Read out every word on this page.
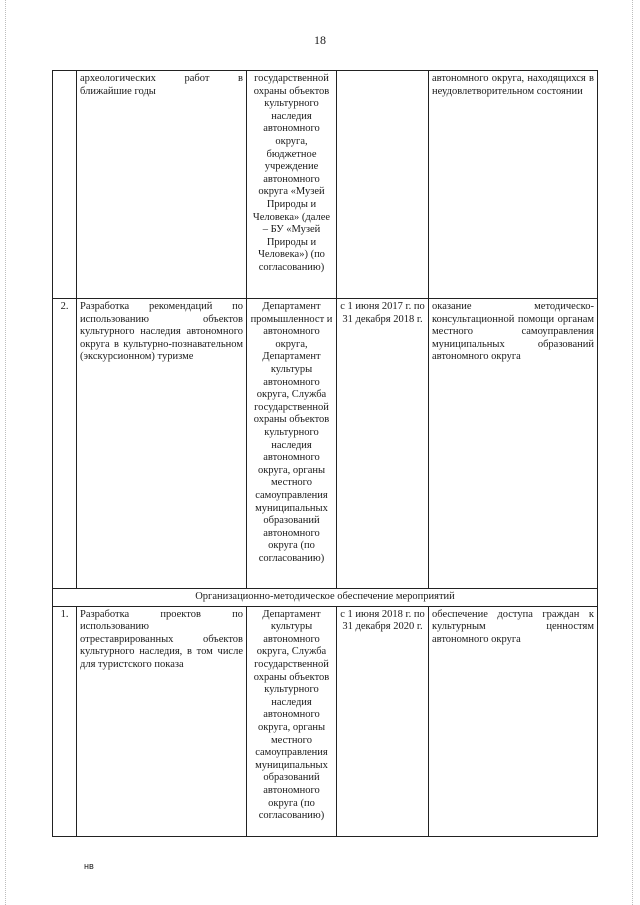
18
	археологических работ в ближайшие годы	государственной охраны объектов культурного наследия автономного округа, бюджетное учреждение автономного округа «Музей Природы и Человека» (далее – БУ «Музей Природы и Человека») (по согласованию)		автономного округа, находящихся в неудовлетворительном состоянии
2.	Разработка рекомендаций по использованию объектов культурного наследия автономного округа в культурно-познавательном (экскурсионном) туризме	Департамент промышленност и автономного округа, Департамент культуры автономного округа, Служба государственной охраны объектов культурного наследия автономного округа, органы местного самоуправления муниципальных образований автономного округа (по согласованию)	с 1 июня 2017 г. по 31 декабря 2018 г.	оказание методическо-консультационной помощи органам местного самоуправления муниципальных образований автономного округа
Организационно-методическое обеспечение мероприятий				
1.	Разработка проектов по использованию отреставрированных объектов культурного наследия, в том числе для туристского показа	Департамент культуры автономного округа, Служба государственной охраны объектов культурного наследия автономного округа, органы местного самоуправления муниципальных образований автономного округа (по согласованию)	с 1 июня 2018 г. по 31 декабря 2020 г.	обеспечение доступа граждан к культурным ценностям автономного округа
нв
